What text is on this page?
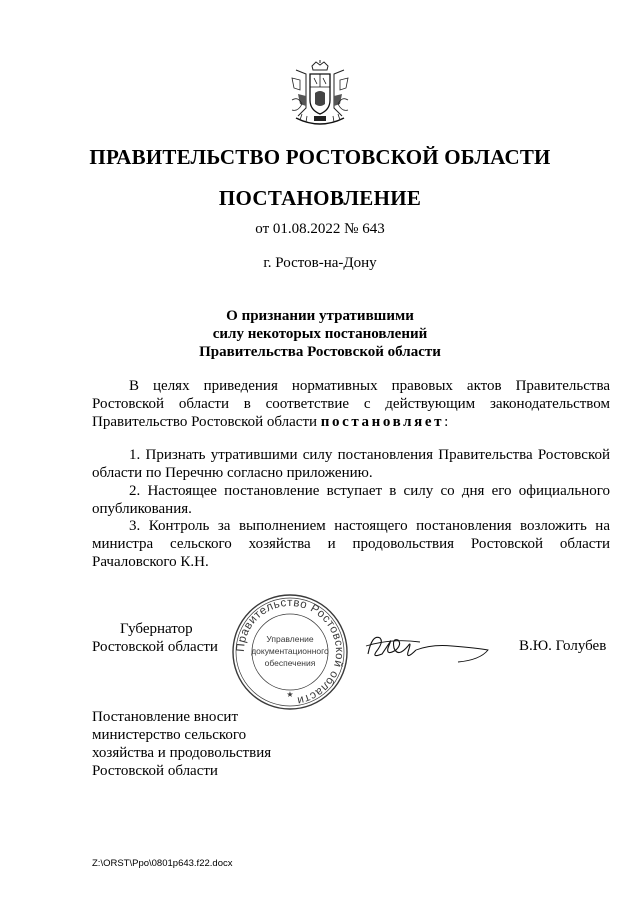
ПРАВИТЕЛЬСТВО РОСТОВСКОЙ ОБЛАСТИ
ПОСТАНОВЛЕНИЕ
от 01.08.2022 № 643
г. Ростов-на-Дону
О признании утратившими
силу некоторых постановлений
Правительства Ростовской области
В целях приведения нормативных правовых актов Правительства Ростовской области в соответствие с действующим законодательством Правительство Ростовской области постановляет:
1. Признать утратившими силу постановления Правительства Ростовской области по Перечню согласно приложению.
2. Настоящее постановление вступает в силу со дня его официального опубликования.
3. Контроль за выполнением настоящего постановления возложить на министра сельского хозяйства и продовольствия Ростовской области Рачаловского К.Н.
Губернатор
Ростовской области Правительство Ростовской области
Управление
документационного
обеспечения
★
В.Ю. Голубев
Постановление вносит
министерство сельского
хозяйства и продовольствия
Ростовской области
Z:\ORST\Ppo\0801p643.f22.docx
